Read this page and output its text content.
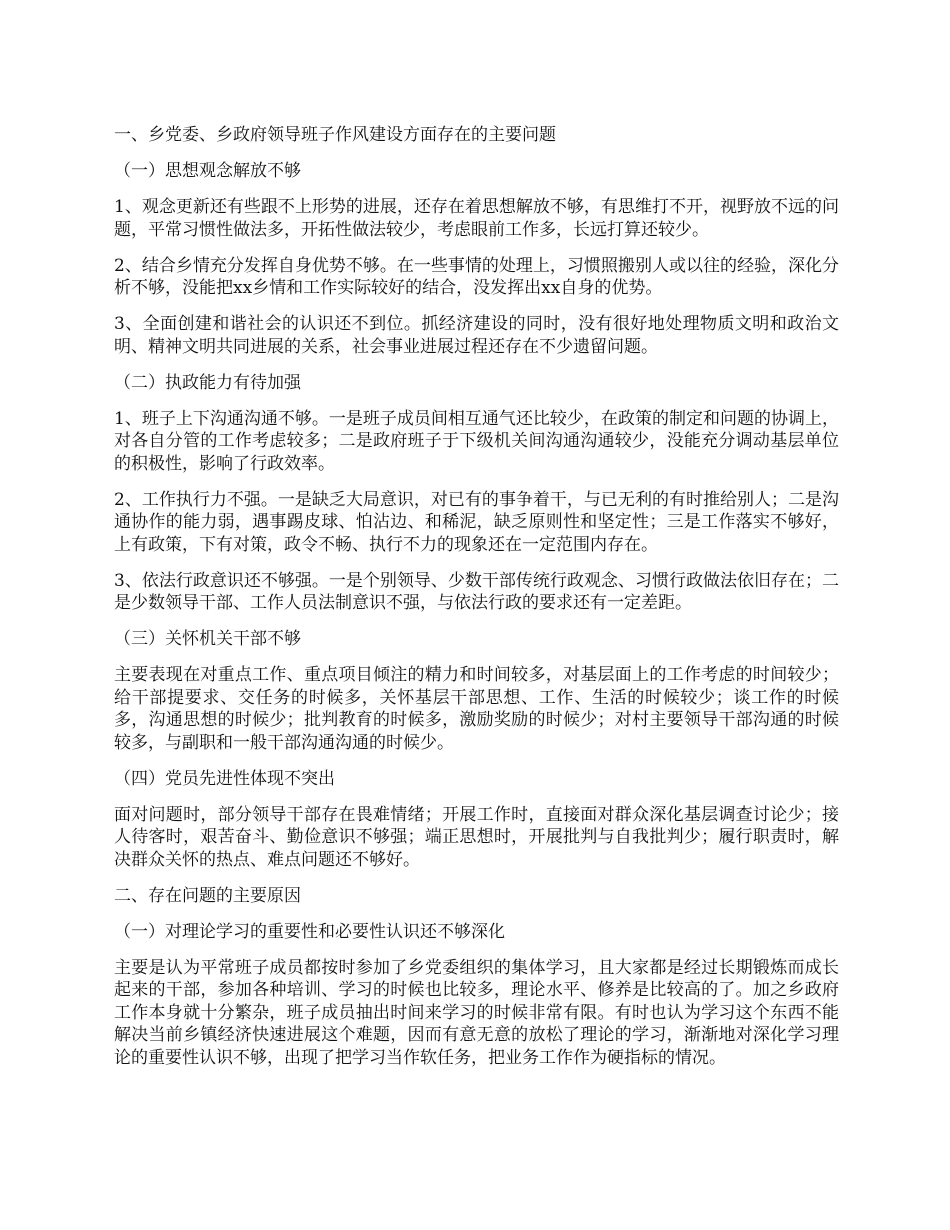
一、乡党委、乡政府领导班子作风建设方面存在的主要问题

（一）思想观念解放不够

1、观念更新还有些跟不上形势的进展，还存在着思想解放不够，有思维打不开，视野放不远的问题，平常习惯性做法多，开拓性做法较少，考虑眼前工作多，长远打算还较少。

2、结合乡情充分发挥自身优势不够。在一些事情的处理上，习惯照搬别人或以往的经验，深化分析不够，没能把xx乡情和工作实际较好的结合，没发挥出xx自身的优势。

3、全面创建和谐社会的认识还不到位。抓经济建设的同时，没有很好地处理物质文明和政治文明、精神文明共同进展的关系，社会事业进展过程还存在不少遗留问题。

（二）执政能力有待加强

1、班子上下沟通沟通不够。一是班子成员间相互通气还比较少，在政策的制定和问题的协调上，对各自分管的工作考虑较多；二是政府班子于下级机关间沟通沟通较少，没能充分调动基层单位的积极性，影响了行政效率。

2、工作执行力不强。一是缺乏大局意识，对已有的事争着干，与已无利的有时推给别人；二是沟通协作的能力弱，遇事踢皮球、怕沾边、和稀泥，缺乏原则性和坚定性；三是工作落实不够好，上有政策，下有对策，政令不畅、执行不力的现象还在一定范围内存在。

3、依法行政意识还不够强。一是个别领导、少数干部传统行政观念、习惯行政做法依旧存在；二是少数领导干部、工作人员法制意识不强，与依法行政的要求还有一定差距。

（三）关怀机关干部不够

主要表现在对重点工作、重点项目倾注的精力和时间较多，对基层面上的工作考虑的时间较少；给干部提要求、交任务的时候多，关怀基层干部思想、工作、生活的时候较少；谈工作的时候多，沟通思想的时候少；批判教育的时候多，激励奖励的时候少；对村主要领导干部沟通的时候较多，与副职和一般干部沟通沟通的时候少。

（四）党员先进性体现不突出

面对问题时，部分领导干部存在畏难情绪；开展工作时，直接面对群众深化基层调查讨论少；接人待客时，艰苦奋斗、勤俭意识不够强；端正思想时，开展批判与自我批判少；履行职责时，解决群众关怀的热点、难点问题还不够好。

二、存在问题的主要原因

（一）对理论学习的重要性和必要性认识还不够深化

主要是认为平常班子成员都按时参加了乡党委组织的集体学习，且大家都是经过长期锻炼而成长起来的干部，参加各种培训、学习的时候也比较多，理论水平、修养是比较高的了。加之乡政府工作本身就十分繁杂，班子成员抽出时间来学习的时候非常有限。有时也认为学习这个东西不能解决当前乡镇经济快速进展这个难题，因而有意无意的放松了理论的学习，渐渐地对深化学习理论的重要性认识不够，出现了把学习当作软任务，把业务工作作为硬指标的情况。
